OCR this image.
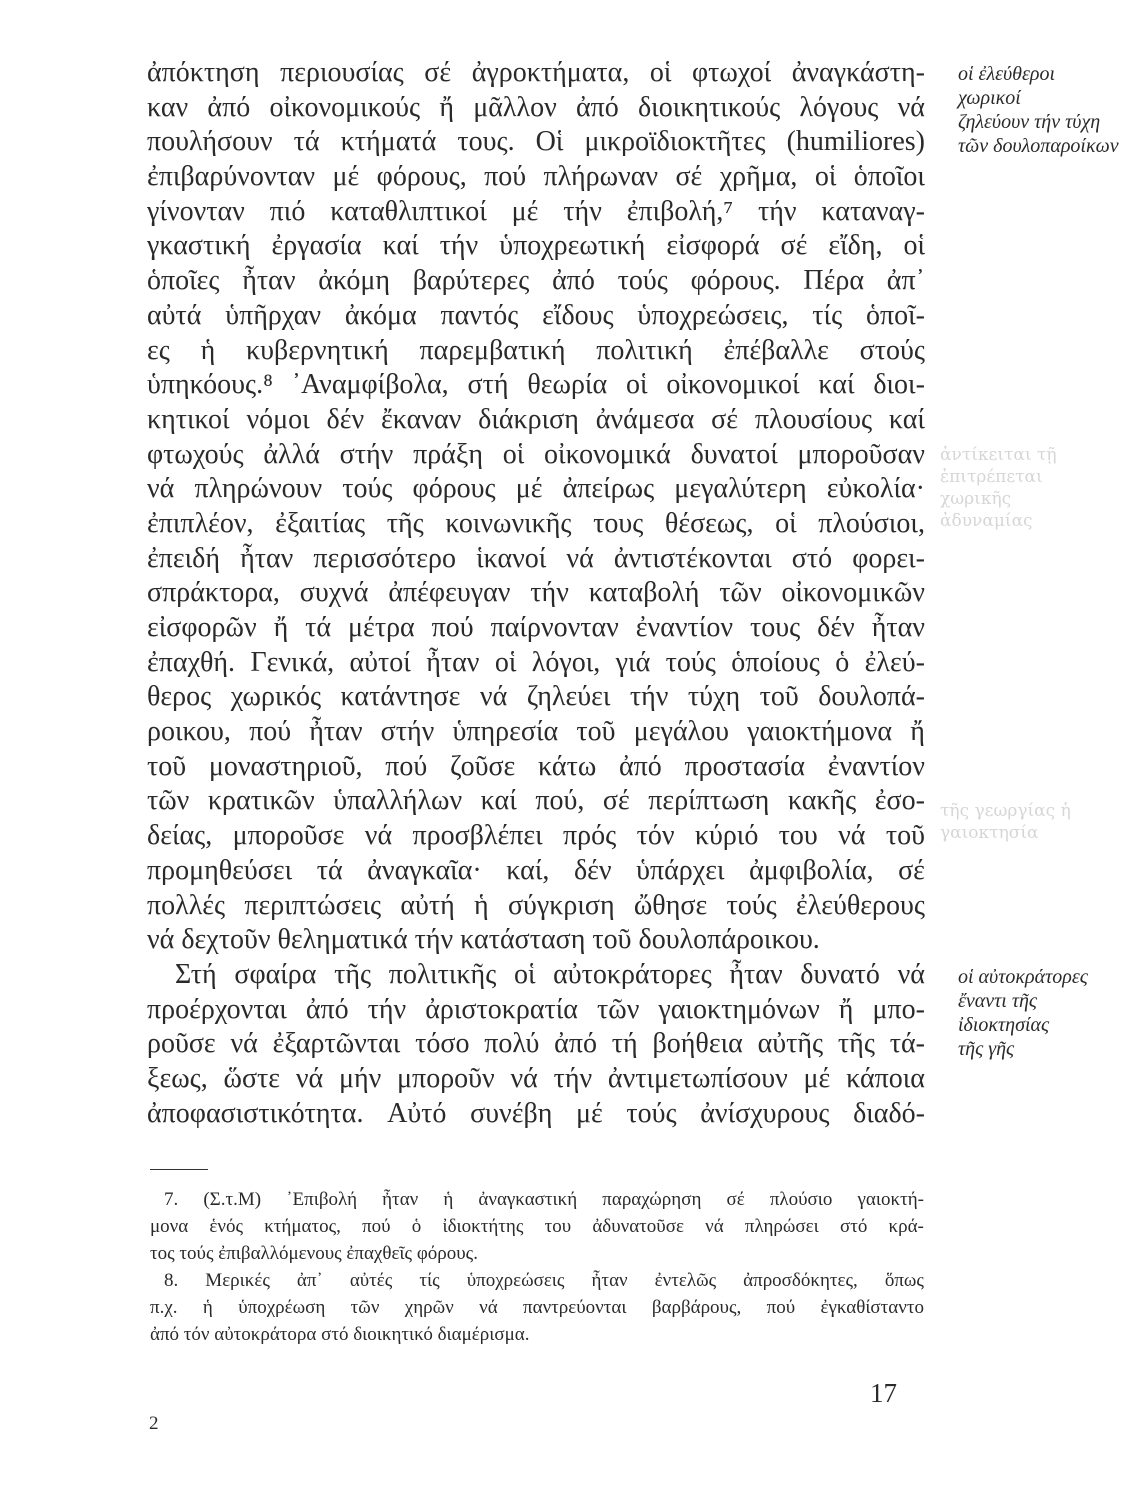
ἀντίκειται τῇ
ἐπιτρέπεται
χωρικῆς
ἀδυναμίας
τῆς γεωργίας ἡ
γαιοκτησία
ἀπόκτηση περιουσίας σέ ἀγροκτήματα, οἱ φτωχοί ἀναγκάστη-
καν ἀπό οἰκονομικούς ἤ μᾶλλον ἀπό διοικητικούς λόγους νά
πουλήσουν τά κτήματά τους. Οἱ μικροϊδιοκτῆτες (humiliores)
ἐπιβαρύνονταν μέ φόρους, πού πλήρωναν σέ χρῆμα, οἱ ὁποῖοι
γίνονταν πιό καταθλιπτικοί μέ τήν ἐπιβολή,⁷ τήν καταναγ-
γκαστική ἐργασία καί τήν ὑποχρεωτική εἰσφορά σέ εἴδη, οἱ
ὁποῖες ἦταν ἀκόμη βαρύτερες ἀπό τούς φόρους. Πέρα ἀπ᾽
αὐτά ὑπῆρχαν ἀκόμα παντός εἴδους ὑποχρεώσεις, τίς ὁποῖ-
ες ἡ κυβερνητική παρεμβατική πολιτική ἐπέβαλλε στούς
ὑπηκόους.⁸ ᾿Αναμφίβολα, στή θεωρία οἱ οἰκονομικοί καί διοι-
κητικοί νόμοι δέν ἔκαναν διάκριση ἀνάμεσα σέ πλουσίους καί
φτωχούς ἀλλά στήν πράξη οἱ οἰκονομικά δυνατοί μποροῦσαν
νά πληρώνουν τούς φόρους μέ ἀπείρως μεγαλύτερη εὐκολία·
ἐπιπλέον, ἐξαιτίας τῆς κοινωνικῆς τους θέσεως, οἱ πλούσιοι,
ἐπειδή ἦταν περισσότερο ἱκανοί νά ἀντιστέκονται στό φορει-
σπράκτορα, συχνά ἀπέφευγαν τήν καταβολή τῶν οἰκονομικῶν
εἰσφορῶν ἤ τά μέτρα πού παίρνονταν ἐναντίον τους δέν ἦταν
ἐπαχθή. Γενικά, αὐτοί ἦταν οἱ λόγοι, γιά τούς ὁποίους ὁ ἐλεύ-
θερος χωρικός κατάντησε νά ζηλεύει τήν τύχη τοῦ δουλοπά-
ροικου, πού ἦταν στήν ὑπηρεσία τοῦ μεγάλου γαιοκτήμονα ἤ
τοῦ μοναστηριοῦ, πού ζοῦσε κάτω ἀπό προστασία ἐναντίον
τῶν κρατικῶν ὑπαλλήλων καί πού, σέ περίπτωση κακῆς ἐσο-
δείας, μποροῦσε νά προσβλέπει πρός τόν κύριό του νά τοῦ
προμηθεύσει τά ἀναγκαῖα· καί, δέν ὑπάρχει ἀμφιβολία, σέ
πολλές περιπτώσεις αὐτή ἡ σύγκριση ὤθησε τούς ἐλεύθερους
νά δεχτοῦν θεληματικά τήν κατάσταση τοῦ δουλοπάροικου.
Στή σφαίρα τῆς πολιτικῆς οἱ αὐτοκράτορες ἦταν δυνατό νά
προέρχονται ἀπό τήν ἀριστοκρατία τῶν γαιοκτημόνων ἤ μπο-
ροῦσε νά ἐξαρτῶνται τόσο πολύ ἀπό τή βοήθεια αὐτῆς τῆς τά-
ξεως, ὥστε νά μήν μποροῦν νά τήν ἀντιμετωπίσουν μέ κάποια
ἀποφασιστικότητα. Αὐτό συνέβη μέ τούς ἀνίσχυρους διαδό-
οἱ ἐλεύθεροι
χωρικοί
ζηλεύουν τήν τύχη
τῶν δουλοπαροίκων
οἱ αὐτοκράτορες
ἔναντι τῆς
ἰδιοκτησίας
τῆς γῆς
7. (Σ.τ.Μ) ᾿Επιβολή ἦταν ἡ ἀναγκαστική παραχώρηση σέ πλούσιο γαιοκτή-
μονα ἑνός κτήματος, πού ὁ ἰδιοκτήτης του ἀδυνατοῦσε νά πληρώσει στό κρά-
τος τούς ἐπιβαλλόμενους ἐπαχθεῖς φόρους.
8. Μερικές ἀπ᾽ αὐτές τίς ὑποχρεώσεις ἦταν ἐντελῶς ἀπροσδόκητες, ὅπως
π.χ. ἡ ὑποχρέωση τῶν χηρῶν νά παντρεύονται βαρβάρους, πού ἐγκαθίσταντο
ἀπό τόν αὐτοκράτορα στό διοικητικό διαμέρισμα.
17
2
